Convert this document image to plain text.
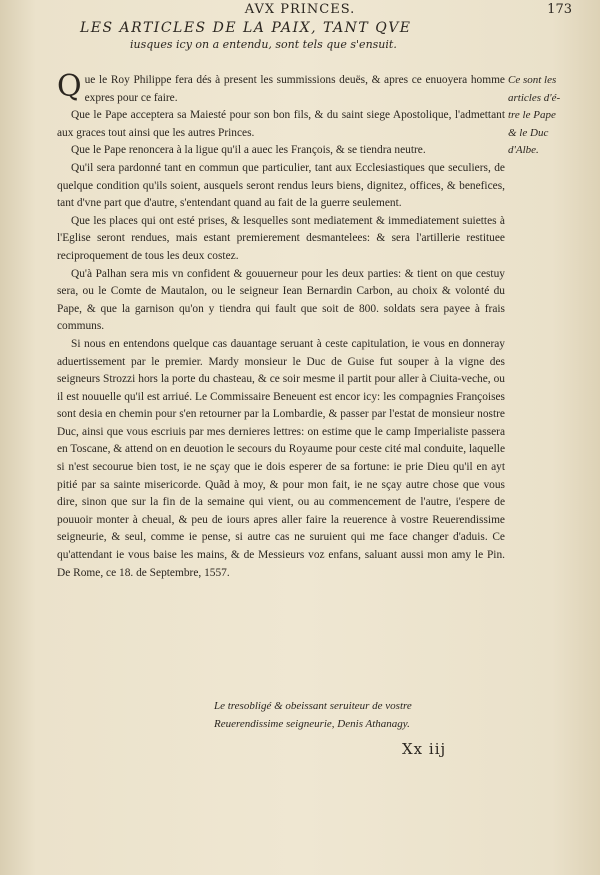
AVX PRINCES.	173
LES ARTICLES DE LA PAIX, TANT QVE
iusques icy on a entendu, sont tels que s'ensuit.

Que le Roy Philippe fera dés à present les summissions deuës, & apres ce enuoyera homme expres pour ce faire.

Que le Pape acceptera sa Maiesté pour son bon fils, & du saint siege Apostolique, l'admettant aux graces tout ainsi que les autres Princes.

Que le Pape renoncera à la ligue qu'il a auec les François, & se tiendra neutre.

Qu'il sera pardonné tant en commun que particulier, tant aux Ecclesiastiques que seculiers, de quelque condition qu'ils soient, ausquels seront rendus leurs biens, dignitez, offices, & benefices, tant d'vne part que d'autre, s'entendant quand au fait de la guerre seulement.

Que les places qui ont esté prises, & lesquelles sont mediatement & immediatement suiettes à l'Eglise seront rendues, mais estant premierement desmantelees: & sera l'artillerie restituee reciproquement de tous les deux costez.

Qu'à Palhan sera mis vn confident & gouuerneur pour les deux parties: & tient on que cestuy sera, ou le Comte de Mautalon, ou le seigneur Iean Bernardin Carbon, au choix & volonté du Pape, & que la garnison qu'on y tiendra qui fault que soit de 800. soldats sera payee à frais communs.

Si nous en entendons quelque cas dauantage seruant à ceste capitulation, ie vous en donneray aduertissement par le premier. Mardy monsieur le Duc de Guise fut souper à la vigne des seigneurs Strozzi hors la porte du chasteau, & ce soir mesme il partit pour aller à Ciuita-veche, ou il est nouuelle qu'il est arriué. Le Commissaire Beneuent est encor icy: les compagnies Françoises sont desia en chemin pour s'en retourner par la Lombardie, & passer par l'estat de monsieur nostre Duc, ainsi que vous escriuis par mes dernieres lettres: on estime que le camp Imperialiste passera en Toscane, & attend on en deuotion le secours du Royaume pour ceste cité mal conduite, laquelle si n'est secourue bien tost, ie ne sçay que ie dois esperer de sa fortune: ie prie Dieu qu'il en ayt pitié par sa sainte misericorde. Quãd à moy, & pour mon fait, ie ne sçay autre chose que vous dire, sinon que sur la fin de la semaine qui vient, ou au commencement de l'autre, i'espere de pouuoir monter à cheual, & peu de iours apres aller faire la reuerence à vostre Reuerendissime seigneurie, & seul, comme ie pense, si autre cas ne suruient qui me face changer d'aduis. Ce qu'attendant ie vous baise les mains, & de Messieurs voz enfans, saluant aussi mon amy le Pin. De Rome, ce 18. de Septembre, 1557.

Ce sont les
articles d'é-
tre le Pape
& le Duc
d'Albe.
Le tresobligé & obeissant seruiteur de vostre
Reuerendissime seigneurie, Denis Athanagy.
Xx iij
